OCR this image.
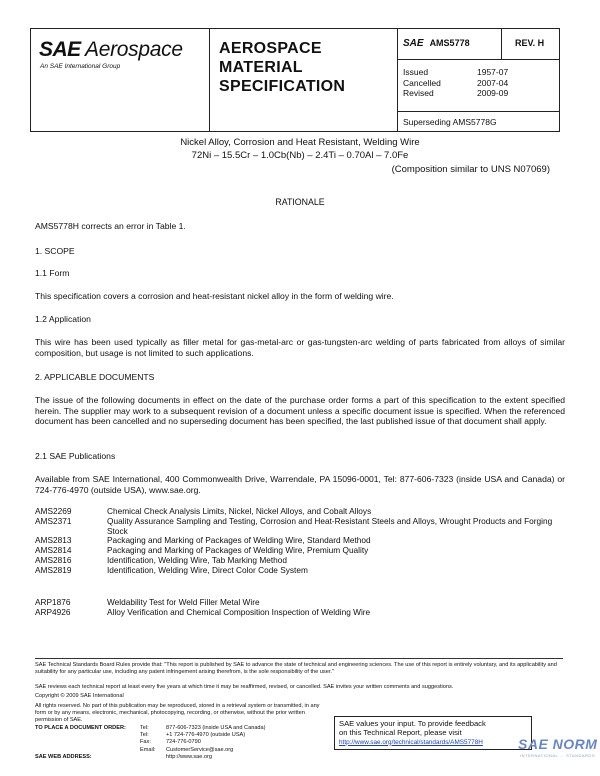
SAE Aerospace
An SAE International Group
AEROSPACE
MATERIAL
SPECIFICATION
SAE AMS5778	REV. H
Issued	1957-07
Cancelled	2007-04
Revised	2009-09
Superseding AMS5778G
Nickel Alloy, Corrosion and Heat Resistant, Welding Wire
72Ni – 15.5Cr – 1.0Cb(Nb) – 2.4Ti – 0.70Al – 7.0Fe
(Composition similar to UNS N07069)
RATIONALE
AMS5778H corrects an error in Table 1.
1. SCOPE
1.1 Form
This specification covers a corrosion and heat-resistant nickel alloy in the form of welding wire.
1.2 Application
This wire has been used typically as filler metal for gas-metal-arc or gas-tungsten-arc welding of parts fabricated from alloys of similar composition, but usage is not limited to such applications.
2. APPLICABLE DOCUMENTS
The issue of the following documents in effect on the date of the purchase order forms a part of this specification to the extent specified herein. The supplier may work to a subsequent revision of a document unless a specific document issue is specified. When the referenced document has been cancelled and no superseding document has been specified, the last published issue of that document shall apply.
2.1 SAE Publications
Available from SAE International, 400 Commonwealth Drive, Warrendale, PA 15096-0001, Tel: 877-606-7323 (inside USA and Canada) or 724-776-4970 (outside USA), www.sae.org.
AMS2269	Chemical Check Analysis Limits, Nickel, Nickel Alloys, and Cobalt Alloys
AMS2371	Quality Assurance Sampling and Testing, Corrosion and Heat-Resistant Steels and Alloys, Wrought Products and Forging Stock
AMS2813	Packaging and Marking of Packages of Welding Wire, Standard Method
AMS2814	Packaging and Marking of Packages of Welding Wire, Premium Quality
AMS2816	Identification, Welding Wire, Tab Marking Method
AMS2819	Identification, Welding Wire, Direct Color Code System
ARP1876	Weldability Test for Weld Filler Metal Wire
ARP4926	Alloy Verification and Chemical Composition Inspection of Welding Wire
SAE Technical Standards Board Rules provide that: "This report is published by SAE to advance the state of technical and engineering sciences. The use of this report is entirely voluntary, and its applicability and suitability for any particular use, including any patent infringement arising therefrom, is the sole responsibility of the user."
SAE reviews each technical report at least every five years at which time it may be reaffirmed, revised, or cancelled. SAE invites your written comments and suggestions.
Copyright © 2009 SAE International
All rights reserved. No part of this publication may be reproduced, stored in a retrieval system or transmitted, in any form or by any means, electronic, mechanical, photocopying, recording, or otherwise, without the prior written permission of SAE.
TO PLACE A DOCUMENT ORDER:	Tel:	877-606-7323 (inside USA and Canada)
Tel:	+1 724-776-4970 (outside USA)
Fax:	724-776-0790
Email:	CustomerService@sae.org
SAE WEB ADDRESS:	http://www.sae.org
SAE values your input. To provide feedback
on this Technical Report, please visit
http://www.sae.org/technical/standards/AMS5778H	SAE NORM
INTERNATIONAL ... STANDARDS
